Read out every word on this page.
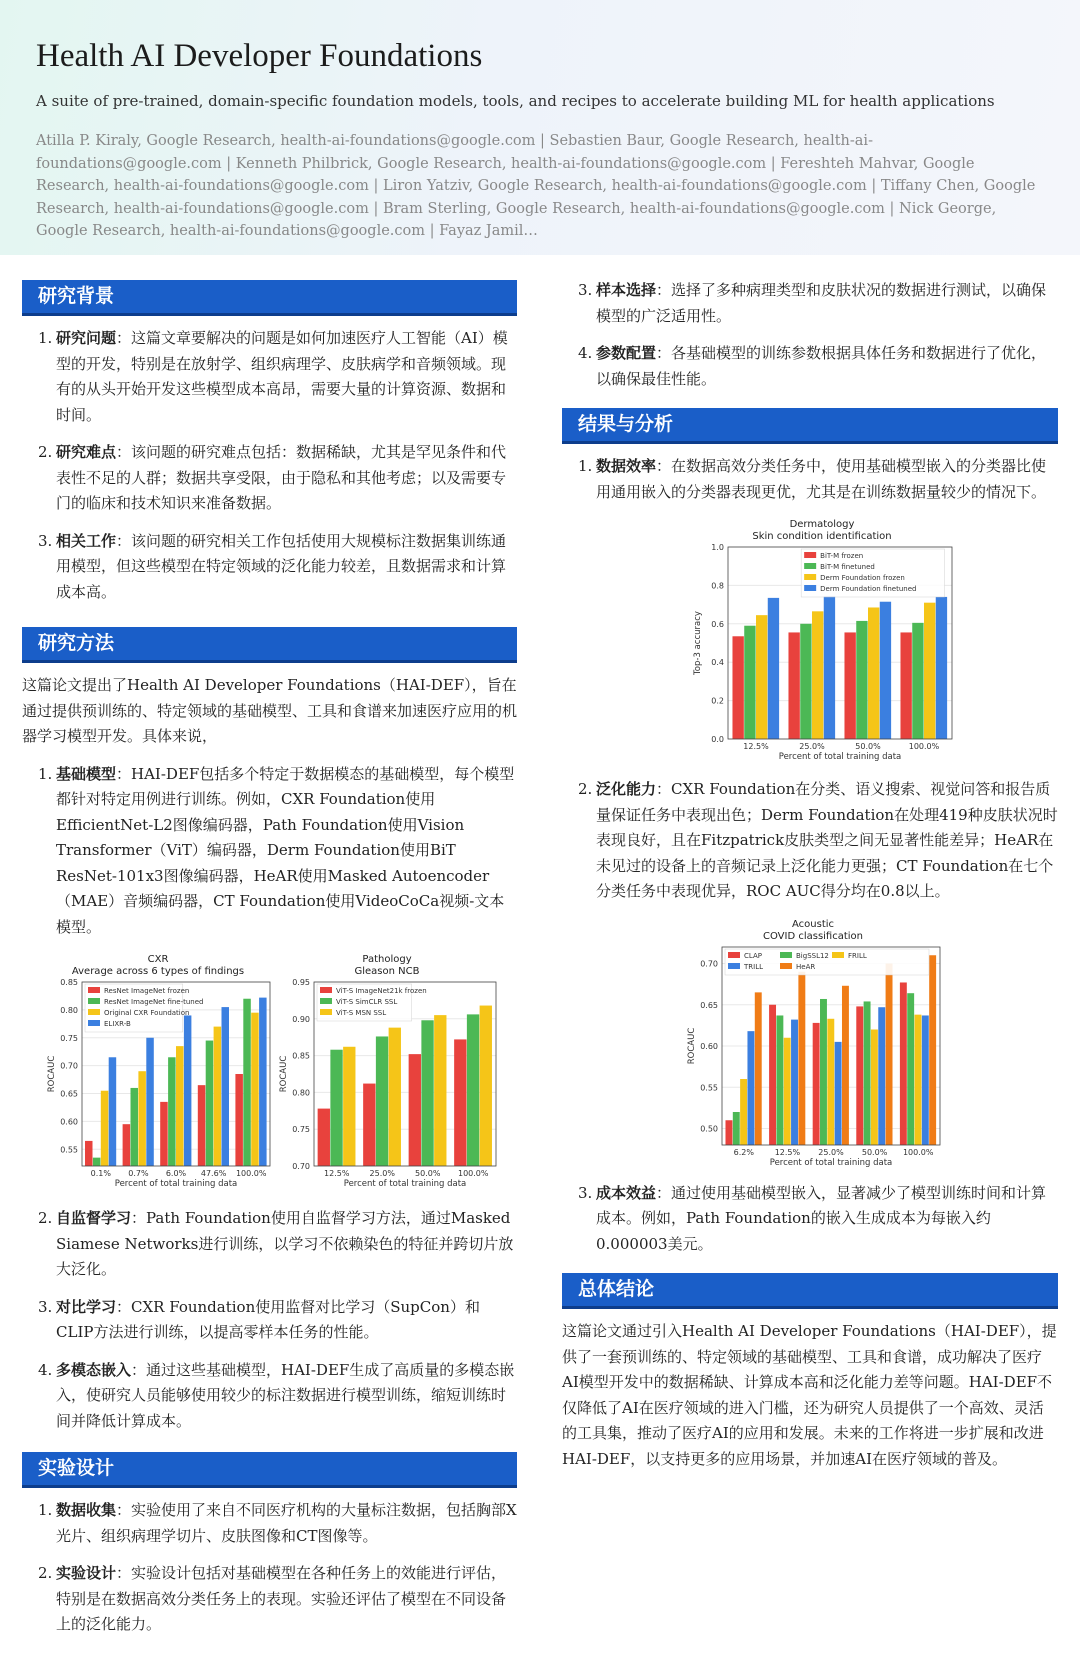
Health AI Developer Foundations
A suite of pre-trained, domain-specific foundation models, tools, and recipes to accelerate building ML for health applications
Atilla P. Kiraly, Google Research, health-ai-foundations@google.com | Sebastien Baur, Google Research, health-ai-foundations@google.com | Kenneth Philbrick, Google Research, health-ai-foundations@google.com | Fereshteh Mahvar, Google Research, health-ai-foundations@google.com | Liron Yatziv, Google Research, health-ai-foundations@google.com | Tiffany Chen, Google Research, health-ai-foundations@google.com | Bram Sterling, Google Research, health-ai-foundations@google.com | Nick George, Google Research, health-ai-foundations@google.com | Fayaz Jamil…
研究背景
1. 研究问题：这篇文章要解决的问题是如何加速医疗人工智能（AI）模型的开发，特别是在放射学、组织病理学、皮肤病学和音频领域。现有的从头开始开发这些模型成本高昂，需要大量的计算资源、数据和时间。
2. 研究难点：该问题的研究难点包括：数据稀缺，尤其是罕见条件和代表性不足的人群；数据共享受限，由于隐私和其他考虑；以及需要专门的临床和技术知识来准备数据。
3. 相关工作：该问题的研究相关工作包括使用大规模标注数据集训练通用模型，但这些模型在特定领域的泛化能力较差，且数据需求和计算成本高。
研究方法

这篇论文提出了Health AI Developer Foundations（HAI-DEF），旨在通过提供预训练的、特定领域的基础模型、工具和食谱来加速医疗应用的机器学习模型开发。具体来说，

1. 基础模型：HAI-DEF包括多个特定于数据模态的基础模型，每个模型都针对特定用例进行训练。例如，CXR Foundation使用EfficientNet-L2图像编码器，Path Foundation使用Vision Transformer（ViT）编码器，Derm Foundation使用BiT ResNet-101x3图像编码器，HeAR使用Masked Autoencoder（MAE）音频编码器，CT Foundation使用VideoCoCa视频-文本模型。
CXR
Average across 6 types of findings
0.55
0.60
0.65
0.70
0.75
0.80
0.85
0.1% 0.7% 6.0% 47.6% 100.0%
Percent of total training data
ROCAUC
ResNet ImageNet frozen
ResNet ImageNet fine-tuned
Original CXR Foundation
ELIXR-B
Pathology
Gleason NCB
0.70
0.75
0.80
0.85
0.90
0.95
12.5%	25.0%	50.0% 100.0%
Percent of total training data
ROCAUC
ViT-S ImageNet21k frozen
ViT-S SimCLR SSL
ViT-S MSN SSL
2. 自监督学习：Path Foundation使用自监督学习方法，通过Masked Siamese Networks进行训练，以学习不依赖染色的特征并跨切片放大泛化。
3. 对比学习：CXR Foundation使用监督对比学习（SupCon）和CLIP方法进行训练，以提高零样本任务的性能。
4. 多模态嵌入：通过这些基础模型，HAI-DEF生成了高质量的多模态嵌入，使研究人员能够使用较少的标注数据进行模型训练，缩短训练时间并降低计算成本。
实验设计
1. 数据收集：实验使用了来自不同医疗机构的大量标注数据，包括胸部X光片、组织病理学切片、皮肤图像和CT图像等。
2. 实验设计：实验设计包括对基础模型在各种任务上的效能进行评估，特别是在数据高效分类任务上的表现。实验还评估了模型在不同设备上的泛化能力。
3. 样本选择：选择了多种病理类型和皮肤状况的数据进行测试，以确保模型的广泛适用性。
4. 参数配置：各基础模型的训练参数根据具体任务和数据进行了优化，以确保最佳性能。
结果与分析
1. 数据效率：在数据高效分类任务中，使用基础模型嵌入的分类器比使用通用嵌入的分类器表现更优，尤其是在训练数据量较少的情况下。
Dermatology
Skin condition identification
0.0
0.2
0.4
0.6
0.8
1.0
12.5%	25.0%	50.0%	100.0%
Percent of total training data
Top-3 accuracy
BiT-M frozen
BiT-M finetuned
Derm Foundation frozen
Derm Foundation finetuned
2. 泛化能力：CXR Foundation在分类、语义搜索、视觉问答和报告质量保证任务中表现出色；Derm Foundation在处理419种皮肤状况时表现良好，且在Fitzpatrick皮肤类型之间无显著性能差异；HeAR在未见过的设备上的音频记录上泛化能力更强；CT Foundation在七个分类任务中表现优异，ROC AUC得分均在0.8以上。
Acoustic
COVID classification
0.50
0.55
0.60
0.65
0.70
6.2%	12.5% 25.0% 50.0% 100.0%
Percent of total training data
ROCAUC
CLAP	BigSSL12	FRILL
TRILL	HeAR
3. 成本效益：通过使用基础模型嵌入，显著减少了模型训练时间和计算成本。例如，Path Foundation的嵌入生成成本为每嵌入约0.000003美元。
总体结论

这篇论文通过引入Health AI Developer Foundations（HAI-DEF），提供了一套预训练的、特定领域的基础模型、工具和食谱，成功解决了医疗AI模型开发中的数据稀缺、计算成本高和泛化能力差等问题。HAI-DEF不仅降低了AI在医疗领域的进入门槛，还为研究人员提供了一个高效、灵活的工具集，推动了医疗AI的应用和发展。未来的工作将进一步扩展和改进HAI-DEF，以支持更多的应用场景，并加速AI在医疗领域的普及。
